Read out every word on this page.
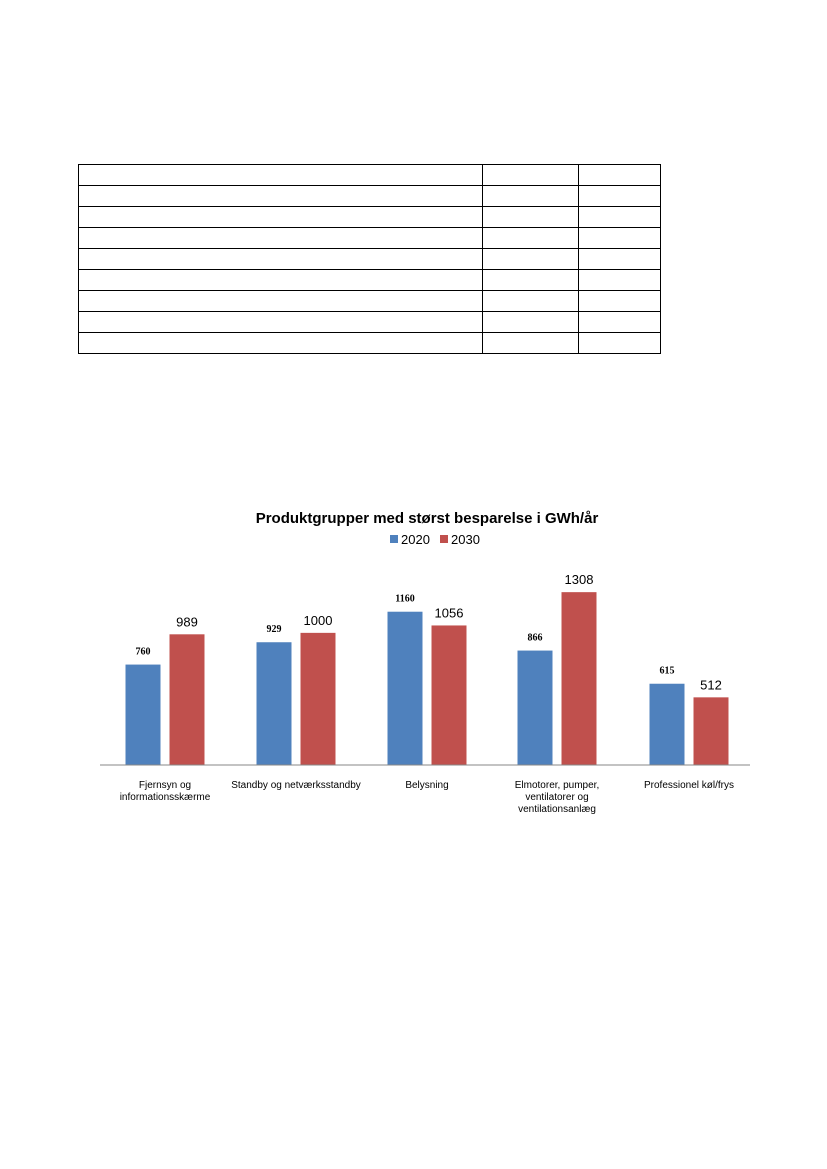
Produktgrupper med størst besparelse i GWh/år
2020 2030
760
989
929
1000
1160
1056
866
1308
615
512
Fjernsyn og informationsskærme
Standby og netværksstandby	Belysning	Elmotorer, pumper, ventilatorer og ventilationsanlæg
Professionel køl/frys
